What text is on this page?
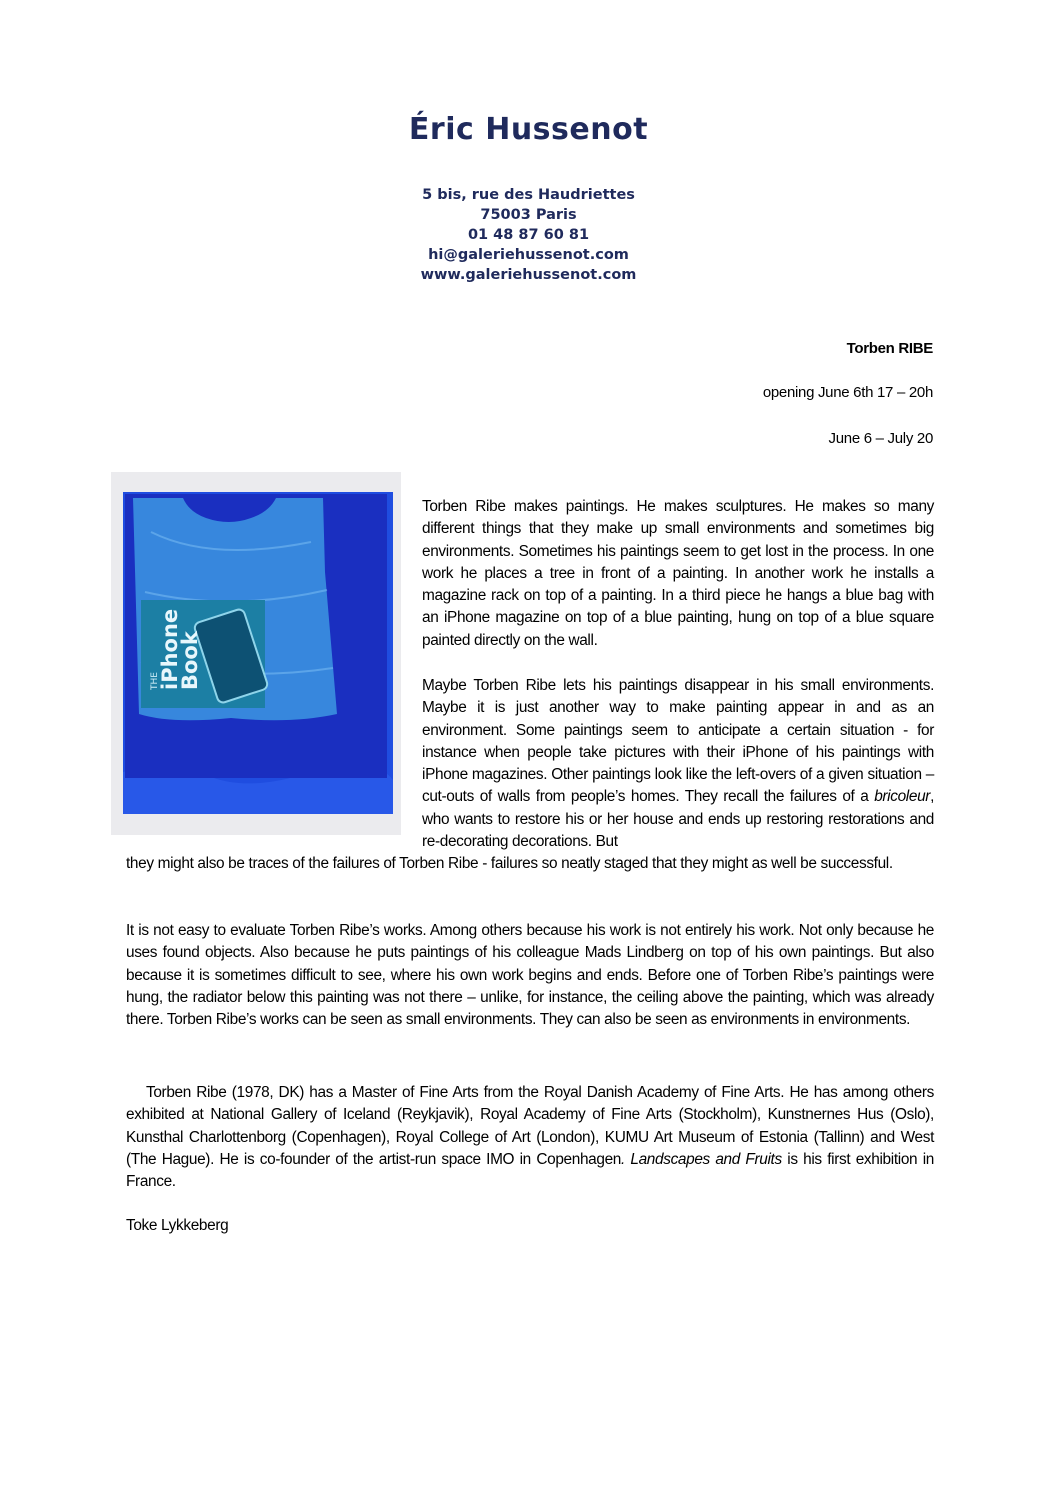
Éric Hussenot
5 bis, rue des Haudriettes
75003 Paris
01 48 87 60 81
hi@galeriehussenot.com
www.galeriehussenot.com
Torben RIBE
opening June 6th 17 – 20h
June 6 – July 20
THE
iPhone
Book
Torben Ribe makes paintings. He makes sculptures. He makes so many different things that they make up small environments and sometimes big environments. Sometimes his paintings seem to get lost in the process. In one work he places a tree in front of a painting. In another work he installs a magazine rack on top of a painting. In a third piece he hangs a blue bag with an iPhone magazine on top of a blue painting, hung on top of a blue square painted directly on the wall.
Maybe Torben Ribe lets his paintings disappear in his small environments. Maybe it is just another way to make painting appear in and as an environment. Some paintings seem to anticipate a certain situation - for instance when people take pictures with their iPhone of his paintings with iPhone magazines. Other paintings look like the left-overs of a given situation – cut-outs of walls from people’s homes. They recall the failures of a bricoleur, who wants to restore his or her house and ends up restoring restorations and re-decorating decorations. But
they might also be traces of the failures of Torben Ribe - failures so neatly staged that they might as well be successful.
It is not easy to evaluate Torben Ribe’s works. Among others because his work is not entirely his work. Not only because he uses found objects. Also because he puts paintings of his colleague Mads Lindberg on top of his own paintings. But also because it is sometimes difficult to see, where his own work begins and ends. Before one of Torben Ribe’s paintings were hung, the radiator below this painting was not there – unlike, for instance, the ceiling above the painting, which was already there. Torben Ribe’s works can be seen as small environments. They can also be seen as environments in environments.
Torben Ribe (1978, DK) has a Master of Fine Arts from the Royal Danish Academy of Fine Arts. He has among others exhibited at National Gallery of Iceland (Reykjavik), Royal Academy of Fine Arts (Stockholm), Kunstnernes Hus (Oslo), Kunsthal Charlottenborg (Copenhagen), Royal College of Art (London), KUMU Art Museum of Estonia (Tallinn) and West (The Hague). He is co-founder of the artist-run space IMO in Copenhagen. Landscapes and Fruits is his first exhibition in France.
Toke Lykkeberg
